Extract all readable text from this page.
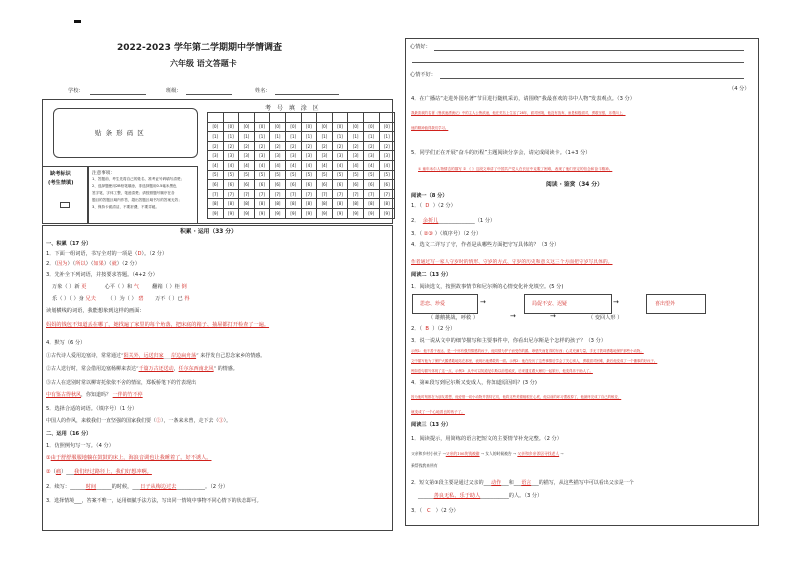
2022-2023 学年第二学期期中学情调查
六年级 语文答题卡
学校：	班级：	姓名：
贴 条 形 码 区
考 号 填 涂 区

[0]	[0]	[0]	[0]	[0]	[0]	[0]	[0]	[0]	[0]	[0]	[0]
[1]	[1]	[1]	[1]	[1]	[1]	[1]	[1]	[1]	[1]	[1]	[1]
[2]	[2]	[2]	[2]	[2]	[2]	[2]	[2]	[2]	[2]	[2]	[2]
[3]	[3]	[3]	[3]	[3]	[3]	[3]	[3]	[3]	[3]	[3]	[3]
[4]	[4]	[4]	[4]	[4]	[4]	[4]	[4]	[4]	[4]	[4]	[4]
[5]	[5]	[5]	[5]	[5]	[5]	[5]	[5]	[5]	[5]	[5]	[5]
[6]	[6]	[6]	[6]	[6]	[6]	[6]	[6]	[6]	[6]	[6]	[6]
[7]	[7]	[7]	[7]	[7]	[7]	[7]	[7]	[7]	[7]	[7]	[7]
[8]	[8]	[8]	[8]	[8]	[8]	[8]	[8]	[8]	[8]	[8]	[8]
[9]	[9]	[9]	[9]	[9]	[9]	[9]	[9]	[9]	[9]	[9]	[9]
缺考标识
(考生禁填)
注意事项：
1、答题前，考生先将自己的姓名、准考证号码填写清楚；
2、选择题使用2B铅笔填涂，非选择题用0.5毫米黑色
签字笔，字体工整，笔迹清楚；请按照题号顺序在各
题目的答题区域内作答，超出答题区域书写的答案无效；
3、保持卡面清洁，不要折叠，不要弄破。
积累 · 运用（33 分）
一、积累（17 分）
1．下面一组词语，书写全对的一项是（D）。（2 分）
2．（因为）（所以）（如果）（就）（2 分）
3．先补全下列词语，并按要求答题。（4+2 分）
万象（ ）新 更	心平（ ）和 气	翻箱（ ）柜 倒
乐（ ）（ ）身 兄夫 （ ）为（ ） 碧 万不（ ）已 得
读划横线的词语，我能想象到这样的画面：
妈妈的钱包不知道丢在哪了，她找遍了家里的每个角落，把床底的箱子、抽屉都打开检查了一遍。
4．默写（6 分）
①古代诗人爱用边塞诗，常常通过“阳关外，远送归家___岸边扁舟荡” 来抒发自己思念家乡的情感。
②古人送行时，常会借用边塞杨柳来表达“千篇万古还送动，任尔东西南北风” 的情感。
③古人在送别时常以柳寄托依依不舍的情谊，郑板桥笔下的竹表现出
中有鉴古得秋风，你知道吗？ 一伴的竹不停
5．选择合适的词语。（填序号）（1 分）
中国人的作风，来救我们一直坚强的国家我们要（②），一条来未曾，走下去（③）。
二、运用（16 分）
1．仿照例句写一写。（4 分）
①由于舒舒服服地躺在鼓鼓的床上，海浪音调也让我睡着了。好不诱人。
②（痛）___我们经过路径上，我们好想冲啊。
2．续写：______时间______的时候，___日子从梅边过去___________。（2 分）
3．选择情境___，答案不唯一，运用细腻手法方法，写出同一情境中事物不同心情下的状态即可。
心情好：
心情不好：
（4 分）
4．在广播站“走进外国名著”节目进行随机采访，请围绕“我最喜欢的书中人物”发表观点。（3 分）
我最喜欢的名著《鲁滨逊漂流记》中的主人公鲁滨逊，他在荒岛上生活了28年，面对困境，他没有放弃，而是积极面对，勇敢坚强，乐观向上，
他的精神值得我们学习。
5．同学们正在开展“奋斗的历程”主题阅读分享会，请完成阅读卡。（1+3 分）
① 童年米尔人物情态的描写 ② 《 》这段文章讲了中国共产党人在长征中克服了困难，表现了他们坚定的信念和奋斗精神。
阅读 · 鉴赏（34 分）
阅读一（8 分）
1．（ D ）（2 分）
2．  余折儿______________（1 分）
3．（ ②③ ）（填序号）（2 分）
4．选文二详写了守，作者是从哪些方面把守写具体的？（3 分）
作者通过写一家人守岁时的情形、守岁的方式、守岁的历史和意义这三个方面把守岁写具体的。
阅读二（13 分）
1．阅读选文，按照故事情节和尼尔斯的心情变化补充填空。(5 分)
思恋、珍爱	→	局促不安、迟疑	→	喜出望外
（ 雄鹅挑战，呼救 ）	→	→	（ 变回人形 ）
2．（ B ）（2 分）
3．说一说从文中的细节描写和主要事件中，你看出尼尔斯是个怎样的孩子？（3 分）
示例1：他不善于表达，是一个怀有强烈情感的孩子，他同情为护子而受伤的鹅，珍惜失而复得的东西；心灵充满力量，手无寸铁却勇敢地保护那些小动物。
文中描写他为了保护大鹅勇敢地站在那里，表现出他勇敢的一面。示例2：他在经历了这些事情后学会了关心别人，勇敢面对困难，最后他变成了一个懂事的好孩子。
例如语句描写体现了这一点，示例3：从中可以知道尼尔斯以前很顽皮，后来通过跟大雁们一起旅行，他变得乐于助人了。
4．第④段写到尼尔斯又变成人，你知道原因吗？(3 分)
因为他时刻都在为朋友着想，他爱惜一切小动物并善待它们，他将这些美德植根在心底，他以前的坏习惯改掉了，他最终完成了自己的蜕变，
就变成了一个心地善良的孩子了。
阅读三（13 分）
1．阅读提示，用简练的语言把短文的主要情节补充完整。（2 分）
父亲和乡村小伙子 →父亲的100块钱被偷 → 女人的时候被告 → 父亲和乡亲邻居寻找老人 →
乘帮钱我来所有
2．短文第③段主要是通过父亲的___动作___和___语言___的描写，从这些描写中可以看出父亲是一个
______善良无私、乐于助人___________的人。（3 分）
3．（ C ）（2 分）
